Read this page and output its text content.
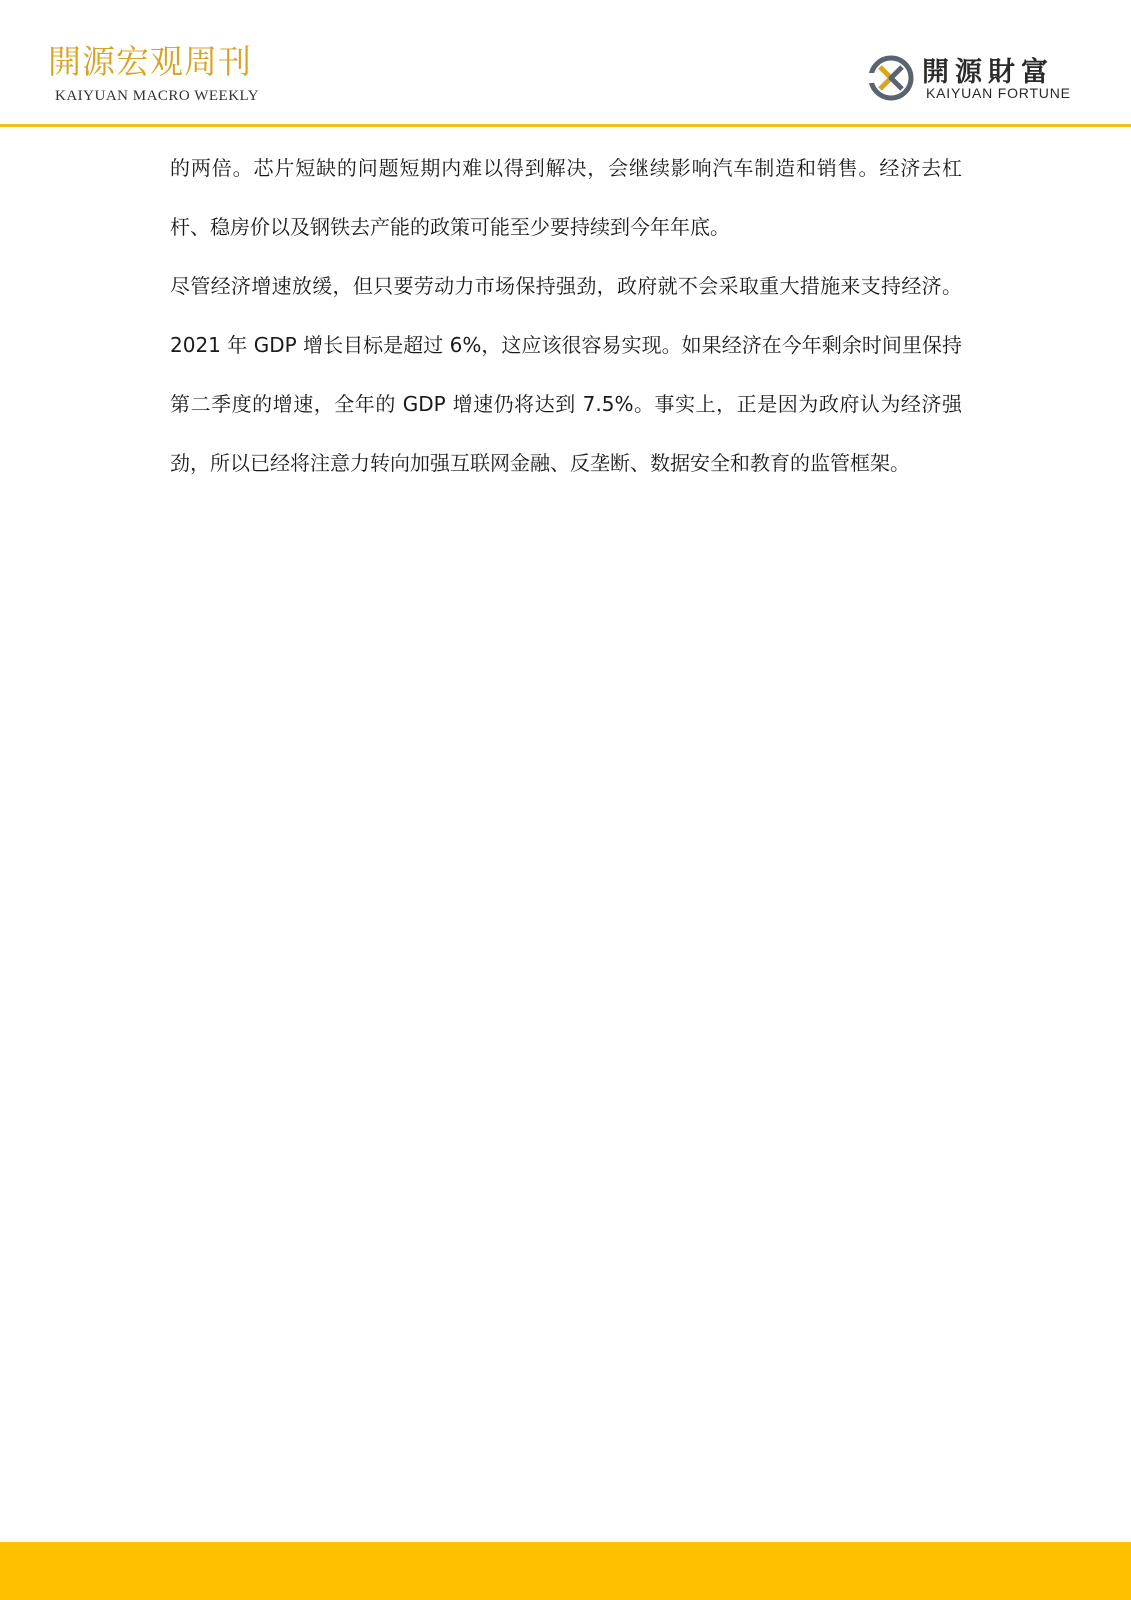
開源宏观周刊
KAIYUAN MACRO WEEKLY
開源財富
KAIYUAN FORTUNE

的两倍。芯片短缺的问题短期内难以得到解决，会继续影响汽车制造和销售。经济去杠杆、稳房价以及钢铁去产能的政策可能至少要持续到今年年底。

尽管经济增速放缓，但只要劳动力市场保持强劲，政府就不会采取重大措施来支持经济。2021 年 GDP 增长目标是超过 6%，这应该很容易实现。如果经济在今年剩余时间里保持第二季度的增速，全年的 GDP 增速仍将达到 7.5%。事实上，正是因为政府认为经济强劲，所以已经将注意力转向加强互联网金融、反垄断、数据安全和教育的监管框架。
